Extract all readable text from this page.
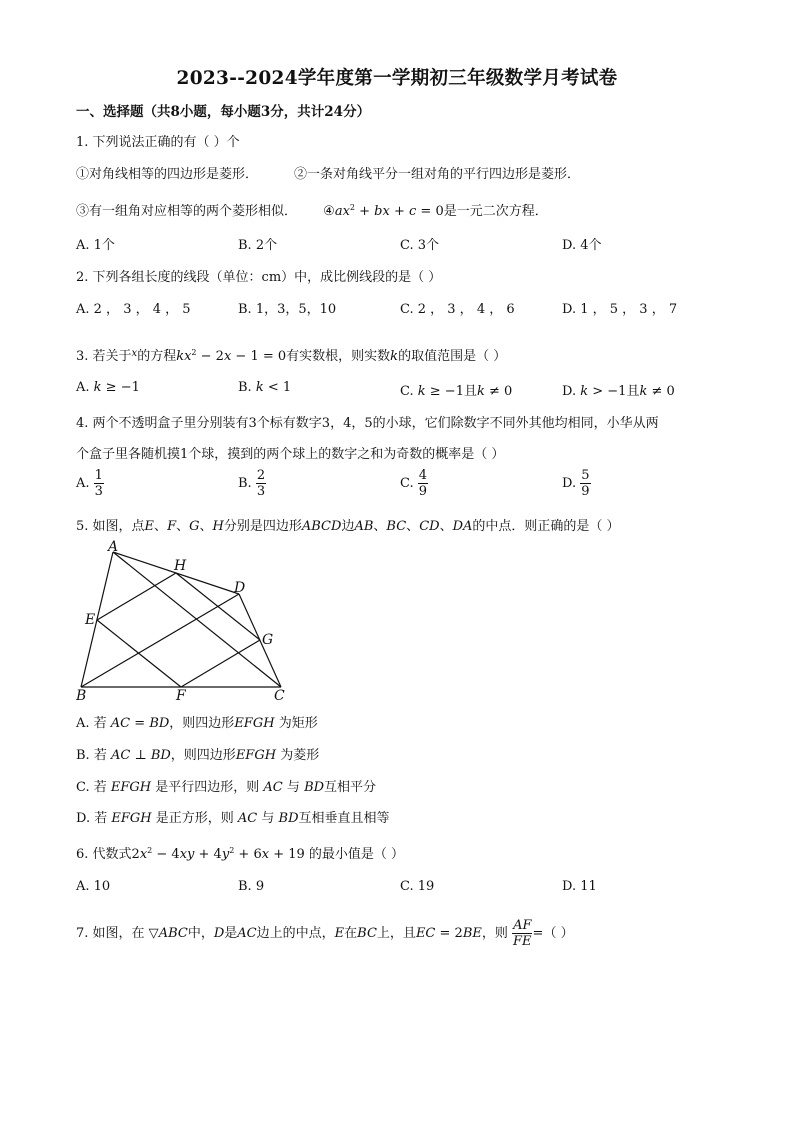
2023--2024学年度第一学期初三年级数学月考试卷
一、选择题（共8小题，每小题3分，共计24分）
1. 下列说法正确的有（ ）个
①对角线相等的四边形是菱形．	②一条对角线平分一组对角的平行四边形是菱形．
③有一组角对应相等的两个菱形相似． $④ax^2$ + bx + c = 0是一元二次方程．
A. 1个	B. 2个	C. 3个	D. 4个
2. 下列各组长度的线段（单位：cm）中，成比例线段的是（ ）
A. 2 ， 3 ， 4 ， 5	B. 1，3，5，10	C. 2 ， 3 ， 4 ， 6	D. 1 ， 5 ， 3 ， 7
3. 若关于$^x$的方程$kx^2 - 2x - 1 = 0$有实数根，则实数k的取值范围是（ ）
A. k ≥ −1	B. k < 1	C. k ≥ −1且k ≠ 0	D. k > −1且k ≠ 0
4. 两个不透明盒子里分别装有3个标有数字3，4，5的小球，它们除数字不同外其他均相同，小华从两
个盒子里各随机摸1个球，摸到的两个球上的数字之和为奇数的概率是（ ）
A. $\frac{1}{3}$	B. $\frac{2}{3}$	C. $\frac{4}{9}$	D. $\frac{5}{9}$
5. 如图，点E、F、G、H分别是四边形ABCD边AB、BC、CD、DA的中点．则正确的是（ ）
A
H
D
E
G
B	F	C
A. 若 AC = BD，则四边形EFGH 为矩形
B. 若 AC ⊥ BD，则四边形EFGH 为菱形
C. 若 EFGH 是平行四边形，则 AC 与 BD互相平分
D. 若 EFGH 是正方形，则 AC 与 BD互相垂直且相等
6. 代数式$2x^2 - 4xy + 4y^2 + 6x + 19$ 的最小值是（ ）
A. 10	B. 9	C. 19	D. 11
7. 如图，在 ▽ABC中，D是AC边上的中点，E在BC上，且EC = 2BE，则 $\frac{AF}{FE}$ =（ ）
